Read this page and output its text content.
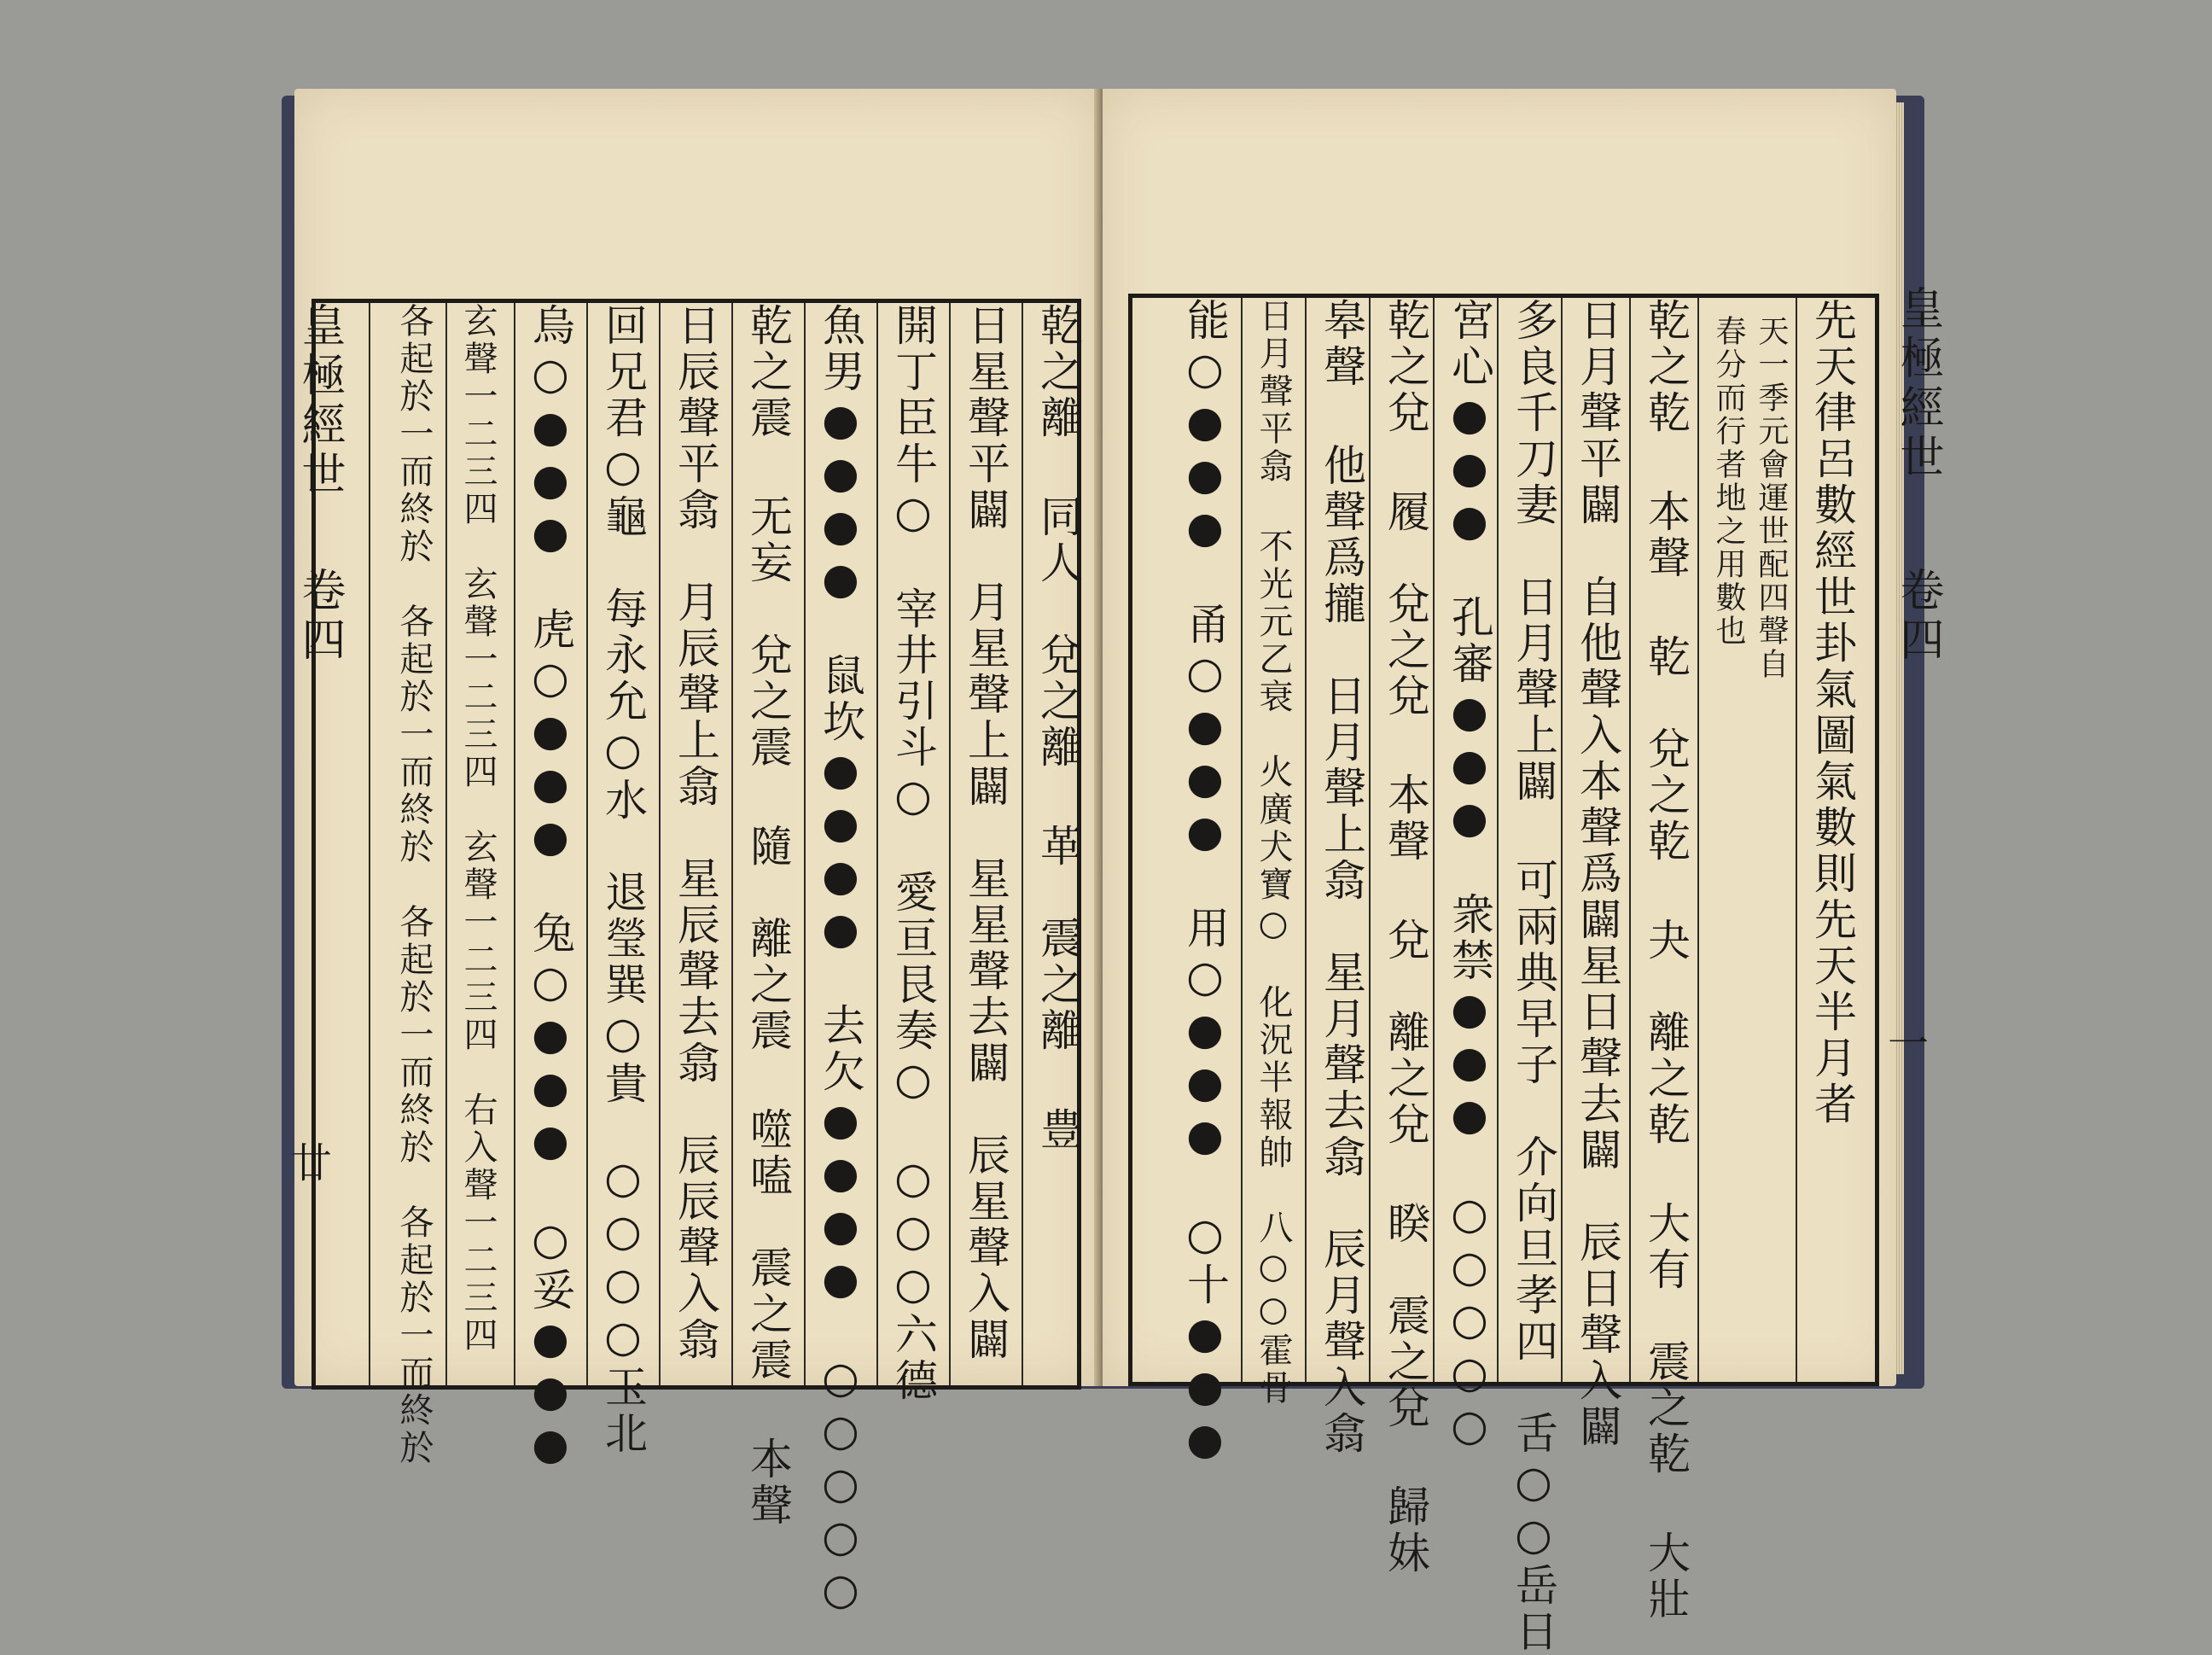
乾之離 同人　兌之離 革　震之離 豊
日星聲平闢　月星聲上闢　星星聲去闢　辰星聲入闢
開丁臣牛○　宰井引斗○　愛亘艮奏○　○○○六德
魚男●●●●　鼠坎●●●●　去欠●●●●　○○○○○
乾之震 无妄　兌之震 隨　離之震 噬嗑　震之震 本聲
日辰聲平翕　月辰聲上翕　星辰聲去翕　辰辰聲入翕
回兄君○龜　每永允○水　退瑩巽○貴　○○○○玉北
烏○●●●　虎○●●●　兔○●●●　○妥●●●
玄聲一二三四　玄聲一二三四　玄聲一二三四　右入聲一二三四
各起於一而終於　各起於一而終於　各起於一而終於　各起於一而終於
皇極經世
卷四
廿
先天律呂數經世卦氣圖氣數則先天半月者
天一季元會運世配四聲自
春分而行者地之用數也
乾之乾 本聲 乾　兌之乾 夬　離之乾 大有　震之乾 大壯
日月聲平闢　自他聲入本聲爲闢星日聲去闢　辰日聲入闢
多良千刀妻　日月聲上闢 可兩典早子　介向旦孝四　舌○○岳日
宮心●●●　孔審●●●　衆禁●●●　○○○○○
乾之兌 履　兌之兌 本聲 兌　離之兌 睽　震之兌 歸妹
皋聲 他聲爲攏　日月聲上翕　星月聲去翕　辰月聲入翕
日月聲平翕 不光元乙衰　火廣犬寶○　化況半報帥　八○○霍骨
能○●●●　甬○●●●　用○●●●　○十●●●	皇極經世
卷四
一
